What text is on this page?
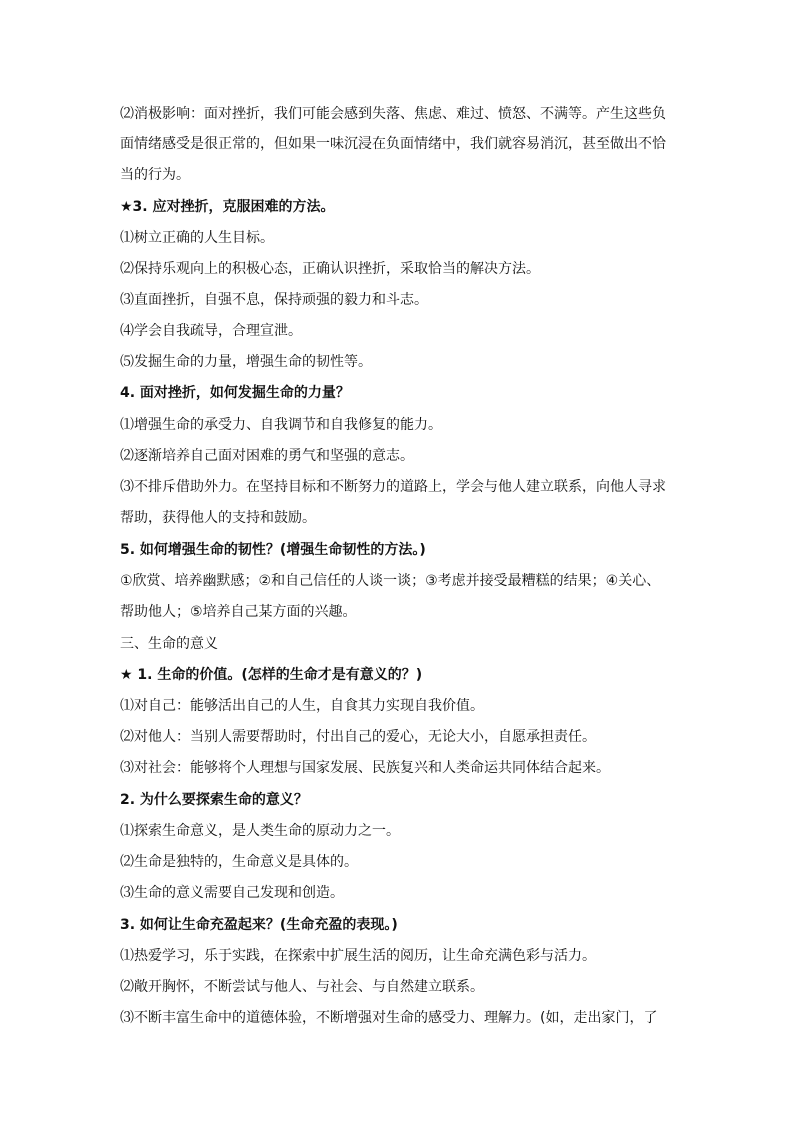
⑵消极影响：面对挫折，我们可能会感到失落、焦虑、难过、愤怒、不满等。产生这些负
面情绪感受是很正常的，但如果一味沉浸在负面情绪中，我们就容易消沉，甚至做出不恰
当的行为。
★3. 应对挫折，克服困难的方法。
⑴树立正确的人生目标。
⑵保持乐观向上的积极心态，正确认识挫折，采取恰当的解决方法。
⑶直面挫折，自强不息，保持顽强的毅力和斗志。
⑷学会自我疏导，合理宣泄。
⑸发掘生命的力量，增强生命的韧性等。
4. 面对挫折，如何发掘生命的力量？
⑴增强生命的承受力、自我调节和自我修复的能力。
⑵逐渐培养自己面对困难的勇气和坚强的意志。
⑶不排斥借助外力。在坚持目标和不断努力的道路上，学会与他人建立联系，向他人寻求
帮助，获得他人的支持和鼓励。
5. 如何增强生命的韧性？(增强生命韧性的方法。)
①欣赏、培养幽默感；②和自己信任的人谈一谈；③考虑并接受最糟糕的结果；④关心、
帮助他人；⑤培养自己某方面的兴趣。
三、生命的意义
★ 1. 生命的价值。(怎样的生命才是有意义的？)
⑴对自己：能够活出自己的人生，自食其力实现自我价值。
⑵对他人：当别人需要帮助时，付出自己的爱心，无论大小，自愿承担责任。
⑶对社会：能够将个人理想与国家发展、民族复兴和人类命运共同体结合起来。
2. 为什么要探索生命的意义？
⑴探索生命意义，是人类生命的原动力之一。
⑵生命是独特的，生命意义是具体的。
⑶生命的意义需要自己发现和创造。
3. 如何让生命充盈起来？(生命充盈的表现。)
⑴热爱学习，乐于实践，在探索中扩展生活的阅历，让生命充满色彩与活力。
⑵敞开胸怀，不断尝试与他人、与社会、与自然建立联系。
⑶不断丰富生命中的道德体验，不断增强对生命的感受力、理解力。(如，走出家门，了
